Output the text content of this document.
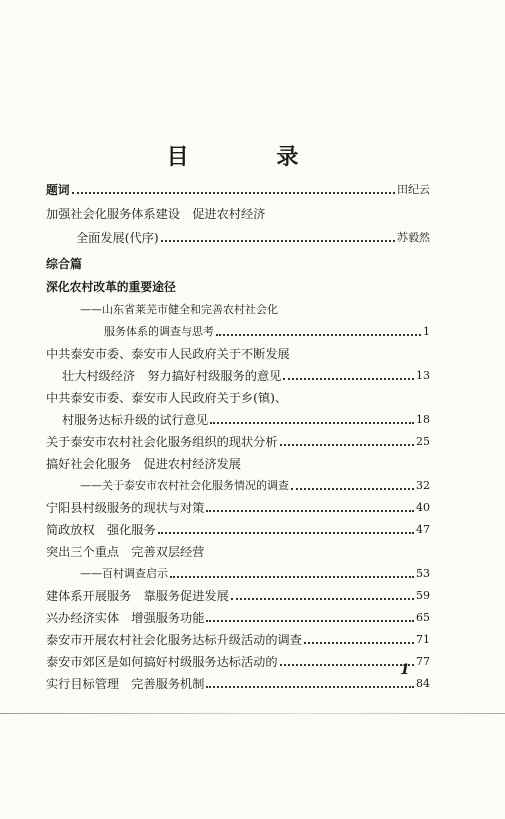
目 录
综合篇
题词	田纪云
加强社会化服务体系建设　促进农村经济
全面发展(代序)	苏毅然
深化农村改革的重要途径
——山东省莱芜市健全和完善农村社会化
服务体系的调查与思考	1
中共泰安市委、泰安市人民政府关于不断发展
壮大村级经济　努力搞好村级服务的意见	13
中共泰安市委、泰安市人民政府关于乡(镇)、
村服务达标升级的试行意见	18
关于泰安市农村社会化服务组织的现状分析	25
搞好社会化服务　促进农村经济发展
——关于泰安市农村社会化服务情况的调查	32
宁阳县村级服务的现状与对策	40
简政放权　强化服务	47
突出三个重点　完善双层经营
——百村调查启示	53
建体系开展服务　靠服务促进发展	59
兴办经济实体　增强服务功能	65
泰安市开展农村社会化服务达标升级活动的调查	71
泰安市郊区是如何搞好村级服务达标活动的	77
实行目标管理　完善服务机制	84
1
